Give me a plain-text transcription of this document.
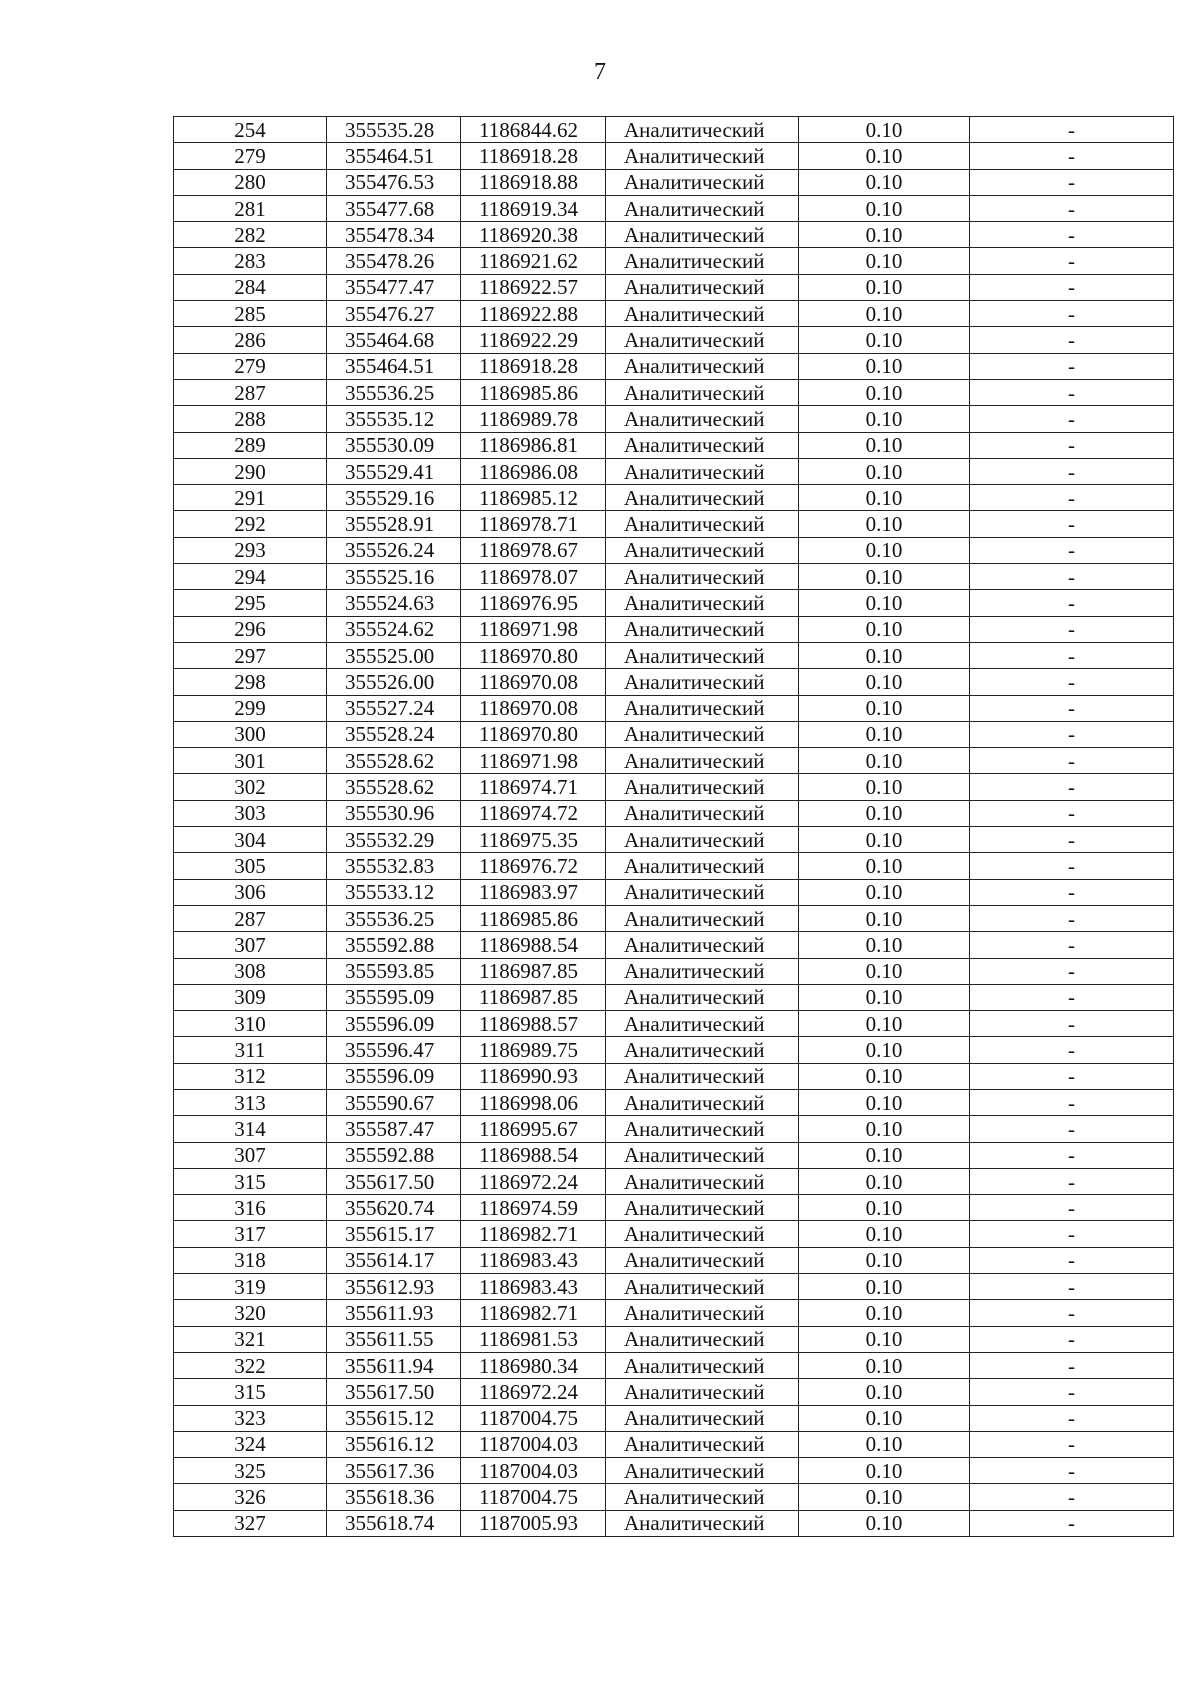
7
254	355535.28	1186844.62	Аналитический	0.10	-
279	355464.51	1186918.28	Аналитический	0.10	-
280	355476.53	1186918.88	Аналитический	0.10	-
281	355477.68	1186919.34	Аналитический	0.10	-
282	355478.34	1186920.38	Аналитический	0.10	-
283	355478.26	1186921.62	Аналитический	0.10	-
284	355477.47	1186922.57	Аналитический	0.10	-
285	355476.27	1186922.88	Аналитический	0.10	-
286	355464.68	1186922.29	Аналитический	0.10	-
279	355464.51	1186918.28	Аналитический	0.10	-
287	355536.25	1186985.86	Аналитический	0.10	-
288	355535.12	1186989.78	Аналитический	0.10	-
289	355530.09	1186986.81	Аналитический	0.10	-
290	355529.41	1186986.08	Аналитический	0.10	-
291	355529.16	1186985.12	Аналитический	0.10	-
292	355528.91	1186978.71	Аналитический	0.10	-
293	355526.24	1186978.67	Аналитический	0.10	-
294	355525.16	1186978.07	Аналитический	0.10	-
295	355524.63	1186976.95	Аналитический	0.10	-
296	355524.62	1186971.98	Аналитический	0.10	-
297	355525.00	1186970.80	Аналитический	0.10	-
298	355526.00	1186970.08	Аналитический	0.10	-
299	355527.24	1186970.08	Аналитический	0.10	-
300	355528.24	1186970.80	Аналитический	0.10	-
301	355528.62	1186971.98	Аналитический	0.10	-
302	355528.62	1186974.71	Аналитический	0.10	-
303	355530.96	1186974.72	Аналитический	0.10	-
304	355532.29	1186975.35	Аналитический	0.10	-
305	355532.83	1186976.72	Аналитический	0.10	-
306	355533.12	1186983.97	Аналитический	0.10	-
287	355536.25	1186985.86	Аналитический	0.10	-
307	355592.88	1186988.54	Аналитический	0.10	-
308	355593.85	1186987.85	Аналитический	0.10	-
309	355595.09	1186987.85	Аналитический	0.10	-
310	355596.09	1186988.57	Аналитический	0.10	-
311	355596.47	1186989.75	Аналитический	0.10	-
312	355596.09	1186990.93	Аналитический	0.10	-
313	355590.67	1186998.06	Аналитический	0.10	-
314	355587.47	1186995.67	Аналитический	0.10	-
307	355592.88	1186988.54	Аналитический	0.10	-
315	355617.50	1186972.24	Аналитический	0.10	-
316	355620.74	1186974.59	Аналитический	0.10	-
317	355615.17	1186982.71	Аналитический	0.10	-
318	355614.17	1186983.43	Аналитический	0.10	-
319	355612.93	1186983.43	Аналитический	0.10	-
320	355611.93	1186982.71	Аналитический	0.10	-
321	355611.55	1186981.53	Аналитический	0.10	-
322	355611.94	1186980.34	Аналитический	0.10	-
315	355617.50	1186972.24	Аналитический	0.10	-
323	355615.12	1187004.75	Аналитический	0.10	-
324	355616.12	1187004.03	Аналитический	0.10	-
325	355617.36	1187004.03	Аналитический	0.10	-
326	355618.36	1187004.75	Аналитический	0.10	-
327	355618.74	1187005.93	Аналитический	0.10	-
